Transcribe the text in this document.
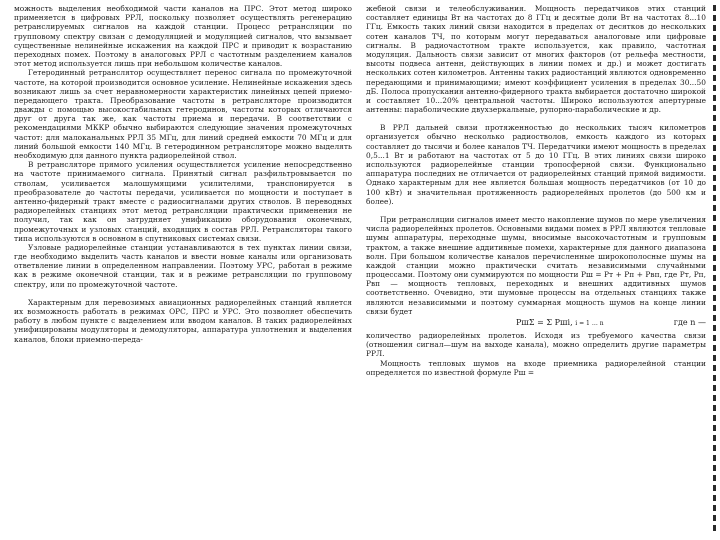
можность выделения необходимой части каналов на ПРС. Этот метод широко применяется в цифровых РРЛ, поскольку позволяет осуществлять регенерацию ретранслируемых сигналов на каждой станции. Процесс ретрансляции по групповому спектру связан с демодуляцией и модуляцией сигналов, что вызывает существенные нелинейные искажения на каждой ПРС и приводит к возрастанию переходных помех. Поэтому в аналоговых РРЛ с частотным разделением каналов этот метод используется лишь при небольшом количестве каналов.

Гетеродинный ретранслятор осуществляет перенос сигнала по промежуточной частоте, на которой производится основное усиление. Нелинейные искажения здесь возникают лишь за счет неравномерности характеристик линейных цепей приемо-передающего тракта. Преобразование частоты в ретрансляторе производится дважды с помощью высокостабильных гетеродинов, частоты которых отличаются друг от друга так же, как частоты приема и передачи. В соответствии с рекомендациями МККР обычно выбираются следующие значения промежуточных частот: для малоканальных РРЛ 35 МГц, для линий средней емкости 70 МГц и для линий большой емкости 140 МГц. В гетеродинном ретрансляторе можно выделять необходимую для данного пункта радиорелейной ствол.

В ретрансляторе прямого усиления осуществляется усиление непосредственно на частоте принимаемого сигнала. Принятый сигнал разфильтровывается по стволам, усиливается малошумящими усилителями, транспонируется в преобразователе до частоты передачи, усиливается по мощности и поступает в антенно-фидерный тракт вместе с радиосигналами других стволов. В переводных радиорелейных станциях этот метод ретрансляции практически применения не получил, так как он затрудняет унификацию оборудования оконечных, промежуточных и узловых станций, входящих в состав РРЛ. Ретрансляторы такого типа используются в основном в спутниковых системах связи.

Узловые радиорелейные станции устанавливаются в тех пунктах линии связи, где необходимо выделить часть каналов и ввести новые каналы или организовать ответвление линии в определенном направлении. Поэтому УРС, работая в режиме как в режиме оконечной станции, так и в режиме ретрансляции по групповому спектру, или по промежуточной частоте.

Характерным для перевозимых авиационных радиорелейных станций является их возможность работать в режимах ОРС, ПРС и УРС. Это позволяет обеспечить работу в любом пункте с выделением или вводом каналов. В таких радиорелейных унифицированы модуляторы и демодуляторы, аппаратура уплотнения и выделения каналов, блоки приемно-переда-

жебной связи и телеобслуживания. Мощность передатчиков этих станций составляет единицы Вт на частотах до 8 ГГц и десятые доли Вт на частотах 8...10 ГГц. Емкость таких линий связи находится в пределах от десятков до нескольких сотен каналов ТЧ, по которым могут передаваться аналоговые или цифровые сигналы. В радиочастотном тракте используется, как правило, частотная модуляция. Дальность связи зависит от многих факторов (от рельефа местности, высоты подвеса антенн, действующих в линии помех и др.) и может достигать нескольких сотен километров. Антенны таких радиостанций являются одновременно передающими и принимающими; имеют коэффициент усиления в пределах 30...50 дБ. Полоса пропускания антенно-фидерного тракта выбирается достаточно широкой и составляет 10...20% центральной частоты. Широко используются апертурные антенны: параболические двухзеркальные, рупорно-параболические и др.

В РРЛ дальней связи протяженностью до нескольких тысяч километров организуется обычно несколько радиостволов, емкость каждого из которых составляет до тысячи и более каналов ТЧ. Передатчики имеют мощность в пределах 0,5...1 Вт и работают на частотах от 5 до 10 ГГц. В этих линиях связи широко используются радиорелейные станции тропосферной связи. Функционально аппаратура последних не отличается от радиорелейных станций прямой видимости. Однако характерным для нее является большая мощность передатчиков (от 10 до 100 кВт) и значительная протяженность радиорелейных пролетов (до 500 км и более).

При ретрансляции сигналов имеет место накопление шумов по мере увеличения числа радиорелейных пролетов. Основными видами помех в РРЛ являются тепловые шумы аппаратуры, переходные шумы, вносимые высокочастотным и групповым трактом, а также внешние аддитивные помехи, характерные для данного диапазона волн. При большом количестве каналов перечисленные широкополосные шумы на каждой станции можно практически считать независимыми случайными процессами. Поэтому они суммируются по мощности Pш = Pт + Pп + Pвп, где Pт, Pп, Pвп — мощность тепловых, переходных и внешних аддитивных шумов соответственно. Очевидно, эти шумовые процессы на отдельных станциях также являются независимыми и поэтому суммарная мощность шумов на конце линии связи будет

PшΣ = Σ Pшi, i = 1 … n	где n —

количество радиорелейных пролетов. Исходя из требуемого качества связи (отношения сигнал—шум на выходе канала), можно определить другие параметры РРЛ.

Мощность тепловых шумов на входе приемника радиорелейной станции определяется по известной формуле Pш =
